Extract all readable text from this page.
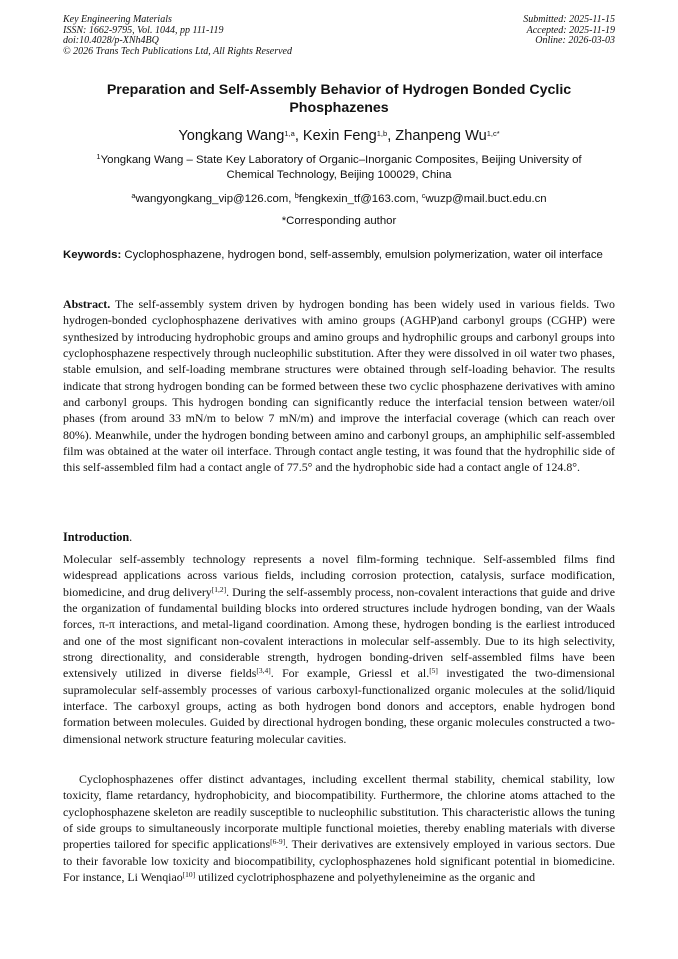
Key Engineering Materials
ISSN: 1662-9795, Vol. 1044, pp 111-119
doi:10.4028/p-XNh4BQ
© 2026 Trans Tech Publications Ltd, All Rights Reserved
Submitted: 2025-11-15
Accepted: 2025-11-19
Online: 2026-03-03
Preparation and Self-Assembly Behavior of Hydrogen Bonded Cyclic
Phosphazenes
Yongkang Wang$^{1,a}$, Kexin Feng$^{1,b}$, Zhanpeng $Wu^{1,c*}$
$^1$Yongkang Wang – State Key Laboratory of Organic–Inorganic Composites, Beijing University of
Chemical Technology, Beijing 100029, China
$^a$wangyongkang_vip@126.com, $^b$fengkexin_tf@163.com, $^c$wuzp@mail.buct.edu.cn
*Corresponding author
Keywords: Cyclophosphazene, hydrogen bond, self-assembly, emulsion polymerization, water oil interface
Abstract. The self-assembly system driven by hydrogen bonding has been widely used in various fields. Two hydrogen-bonded cyclophosphazene derivatives with amino groups (AGHP)and carbonyl groups (CGHP) were synthesized by introducing hydrophobic groups and amino groups and hydrophilic groups and carbonyl groups into cyclophosphazene respectively through nucleophilic substitution. After they were dissolved in oil water two phases, stable emulsion, and self-loading membrane structures were obtained through self-loading behavior. The results indicate that strong hydrogen bonding can be formed between these two cyclic phosphazene derivatives with amino and carbonyl groups. This hydrogen bonding can significantly reduce the interfacial tension between water/oil phases (from around 33 mN/m to below 7 mN/m) and improve the interfacial coverage (which can reach over 80%). Meanwhile, under the hydrogen bonding between amino and carbonyl groups, an amphiphilic self-assembled film was obtained at the water oil interface. Through contact angle testing, it was found that the hydrophilic side of this self-assembled film had a contact angle of 77.5° and the hydrophobic side had a contact angle of 124.8°.
Introduction.

Molecular self-assembly technology represents a novel film-forming technique. Self-assembled films find widespread applications across various fields, including corrosion protection, catalysis, surface modification, biomedicine, and drug delivery[1,2]. During the self-assembly process, non-covalent interactions that guide and drive the organization of fundamental building blocks into ordered structures include hydrogen bonding, van der Waals forces, π-π interactions, and metal-ligand coordination. Among these, hydrogen bonding is the earliest introduced and one of the most significant non-covalent interactions in molecular self-assembly. Due to its high selectivity, strong directionality, and considerable strength, hydrogen bonding-driven self-assembled films have been extensively utilized in diverse fields[3,4]. For example, Griessl et al.[5] investigated the two-dimensional supramolecular self-assembly processes of various carboxyl-functionalized organic molecules at the solid/liquid interface. The carboxyl groups, acting as both hydrogen bond donors and acceptors, enable hydrogen bond formation between molecules. Guided by directional hydrogen bonding, these organic molecules constructed a two-dimensional network structure featuring molecular cavities.

Cyclophosphazenes offer distinct advantages, including excellent thermal stability, chemical stability, low toxicity, flame retardancy, hydrophobicity, and biocompatibility. Furthermore, the chlorine atoms attached to the cyclophosphazene skeleton are readily susceptible to nucleophilic substitution. This characteristic allows the tuning of side groups to simultaneously incorporate multiple functional moieties, thereby enabling materials with diverse properties tailored for specific applications[6-9]. Their derivatives are extensively employed in various sectors. Due to their favorable low toxicity and biocompatibility, cyclophosphazenes hold significant potential in biomedicine. For instance, Li Wenqiao[10] utilized cyclotriphosphazene and polyethyleneimine as the organic and
